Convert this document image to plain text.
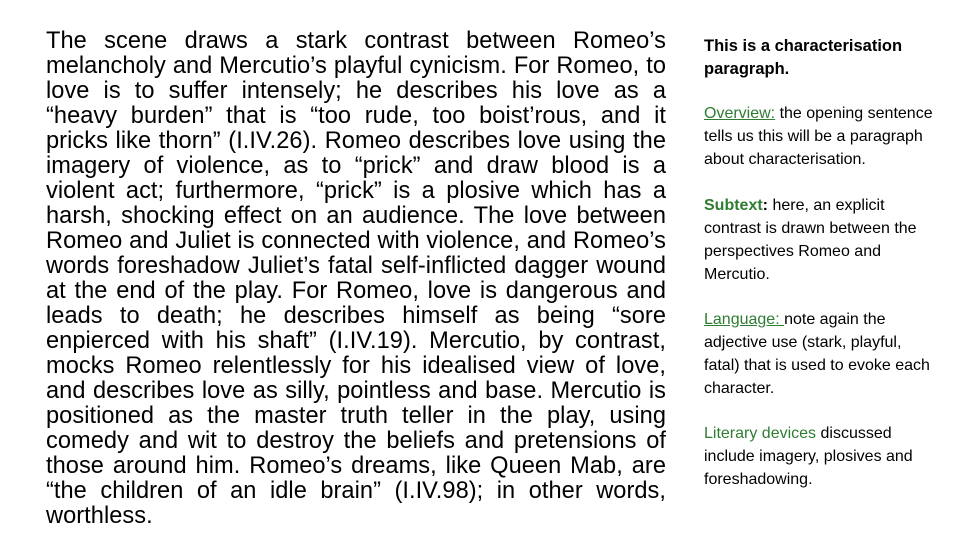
The scene draws a stark contrast between Romeo’s melancholy and Mercutio’s playful cynicism. For Romeo, to love is to suffer intensely; he describes his love as a “heavy burden” that is “too rude, too boist’rous, and it pricks like thorn” (I.IV.26). Romeo describes love using the imagery of violence, as to “prick” and draw blood is a violent act; furthermore, “prick” is a plosive which has a harsh, shocking effect on an audience. The love between Romeo and Juliet is connected with violence, and Romeo’s words foreshadow Juliet’s fatal self-inflicted dagger wound at the end of the play. For Romeo, love is dangerous and leads to death; he describes himself as being “sore enpierced with his shaft” (I.IV.19). Mercutio, by contrast, mocks Romeo relentlessly for his idealised view of love, and describes love as silly, pointless and base. Mercutio is positioned as the master truth teller in the play, using comedy and wit to destroy the beliefs and pretensions of those around him. Romeo’s dreams, like Queen Mab, are “the children of an idle brain” (I.IV.98); in other words, worthless.

This is a characterisation paragraph.

Overview: the opening sentence tells us this will be a paragraph about characterisation.

Subtext: here, an explicit contrast is drawn between the perspectives Romeo and Mercutio.

Language: note again the adjective use (stark, playful, fatal) that is used to evoke each character.

Literary devices discussed include imagery, plosives and foreshadowing.
